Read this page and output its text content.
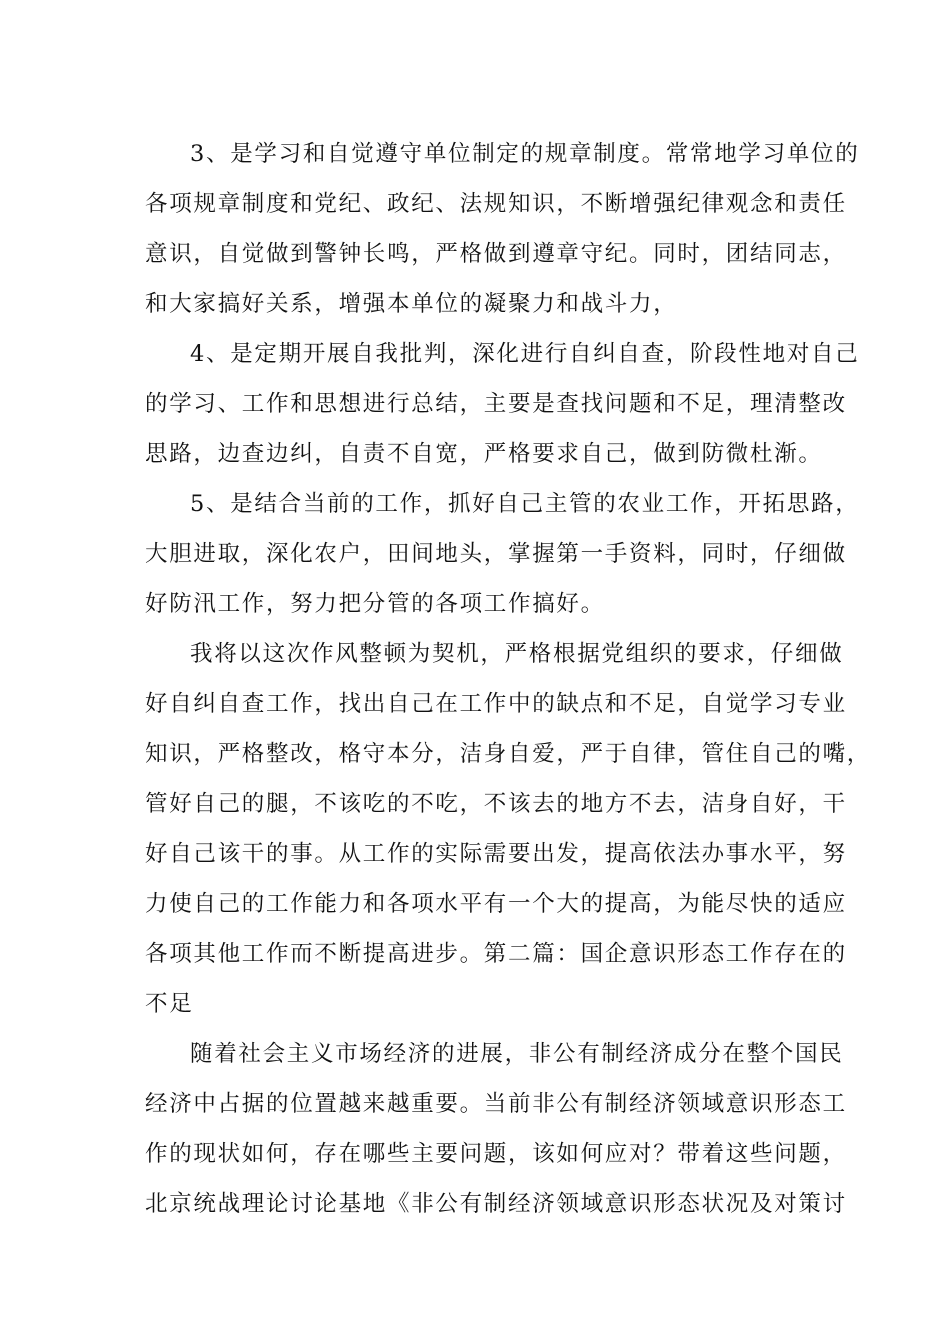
3、是学习和自觉遵守单位制定的规章制度。常常地学习单位的
各项规章制度和党纪、政纪、法规知识，不断增强纪律观念和责任
意识，自觉做到警钟长鸣，严格做到遵章守纪。同时，团结同志，
和大家搞好关系，增强本单位的凝聚力和战斗力，
4、是定期开展自我批判，深化进行自纠自查，阶段性地对自己
的学习、工作和思想进行总结，主要是查找问题和不足，理清整改
思路，边查边纠，自责不自宽，严格要求自己，做到防微杜渐。
5、是结合当前的工作，抓好自己主管的农业工作，开拓思路，
大胆进取，深化农户，田间地头，掌握第一手资料，同时，仔细做
好防汛工作，努力把分管的各项工作搞好。
我将以这次作风整顿为契机，严格根据党组织的要求，仔细做
好自纠自查工作，找出自己在工作中的缺点和不足，自觉学习专业
知识，严格整改，格守本分，洁身自爱，严于自律，管住自己的嘴，
管好自己的腿，不该吃的不吃，不该去的地方不去，洁身自好，干
好自己该干的事。从工作的实际需要出发，提高依法办事水平，努
力使自己的工作能力和各项水平有一个大的提高，为能尽快的适应
各项其他工作而不断提高进步。第二篇：国企意识形态工作存在的
不足
随着社会主义市场经济的进展，非公有制经济成分在整个国民
经济中占据的位置越来越重要。当前非公有制经济领域意识形态工
作的现状如何，存在哪些主要问题，该如何应对？带着这些问题，
北京统战理论讨论基地《非公有制经济领域意识形态状况及对策讨
